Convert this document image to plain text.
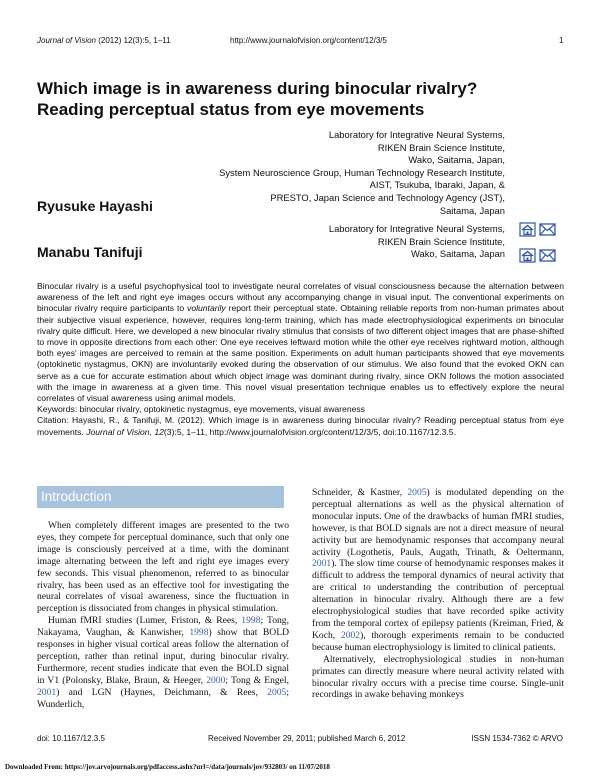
Journal of Vision (2012) 12(3):5, 1–11	http://www.journalofvision.org/content/12/3/5	1
Which image is in awareness during binocular rivalry?
Reading perceptual status from eye movements
Laboratory for Integrative Neural Systems,
RIKEN Brain Science Institute,
Wako, Saitama, Japan,
System Neuroscience Group, Human Technology Research Institute,
AIST, Tsukuba, Ibaraki, Japan, &
PRESTO, Japan Science and Technology Agency (JST),
Saitama, Japan
Ryusuke Hayashi
Laboratory for Integrative Neural Systems,
RIKEN Brain Science Institute,
Wako, Saitama, Japan
Manabu Tanifuji

Binocular rivalry is a useful psychophysical tool to investigate neural correlates of visual consciousness because the alternation between awareness of the left and right eye images occurs without any accompanying change in visual input. The conventional experiments on binocular rivalry require participants to voluntarily report their perceptual state. Obtaining reliable reports from non-human primates about their subjective visual experience, however, requires long-term training, which has made electrophysiological experiments on binocular rivalry quite difficult. Here, we developed a new binocular rivalry stimulus that consists of two different object images that are phase-shifted to move in opposite directions from each other: One eye receives leftward motion while the other eye receives rightward motion, although both eyes' images are perceived to remain at the same position. Experiments on adult human participants showed that eye movements (optokinetic nystagmus, OKN) are involuntarily evoked during the observation of our stimulus. We also found that the evoked OKN can serve as a cue for accurate estimation about which object image was dominant during rivalry, since OKN follows the motion associated with the image in awareness at a given time. This novel visual presentation technique enables us to effectively explore the neural correlates of visual awareness using animal models.

Keywords: binocular rivalry, optokinetic nystagmus, eye movements, visual awareness

Citation: Hayashi, R., & Tanifuji, M. (2012). Which image is in awareness during binocular rivalry? Reading perceptual status from eye movements. Journal of Vision, 12(3):5, 1–11, http://www.journalofvision.org/content/12/3/5, doi:10.1167/12.3.5.

Introduction

When completely different images are presented to the two eyes, they compete for perceptual dominance, such that only one image is consciously perceived at a time, with the dominant image alternating between the left and right eye images every few seconds. This visual phenomenon, referred to as binocular rivalry, has been used as an effective tool for investigating the neural correlates of visual awareness, since the fluctuation in perception is dissociated from changes in physical stimulation.

Human fMRI studies (Lumer, Friston, & Rees, 1998; Tong, Nakayama, Vaughan, & Kanwisher, 1998) show that BOLD responses in higher visual cortical areas follow the alternation of perception, rather than retinal input, during binocular rivalry. Furthermore, recent studies indicate that even the BOLD signal in V1 (Polonsky, Blake, Braun, & Heeger, 2000; Tong & Engel, 2001) and LGN (Haynes, Deichmann, & Rees, 2005; Wunderlich,

Schneider, & Kastner, 2005) is modulated depending on the perceptual alternations as well as the physical alternation of monocular inputs. One of the drawbacks of human fMRI studies, however, is that BOLD signals are not a direct measure of neural activity but are hemodynamic responses that accompany neural activity (Logothetis, Pauls, Augath, Trinath, & Oeltermann, 2001). The slow time course of hemodynamic responses makes it difficult to address the temporal dynamics of neural activity that are critical to understanding the contribution of perceptual alternation in binocular rivalry. Although there are a few electrophysiological studies that have recorded spike activity from the temporal cortex of epilepsy patients (Kreiman, Fried, & Koch, 2002), thorough experiments remain to be conducted because human electrophysiology is limited to clinical patients.

Alternatively, electrophysiological studies in non-human primates can directly measure where neural activity related with binocular rivalry occurs with a precise time course. Single-unit recordings in awake behaving monkeys

doi: 10.1167/12.3.5	Received November 29, 2011; published March 6, 2012	ISSN 1534-7362 © ARVO
Downloaded From: https://jov.arvojournals.org/pdfaccess.ashx?url=/data/journals/jov/932803/ on 11/07/2018
